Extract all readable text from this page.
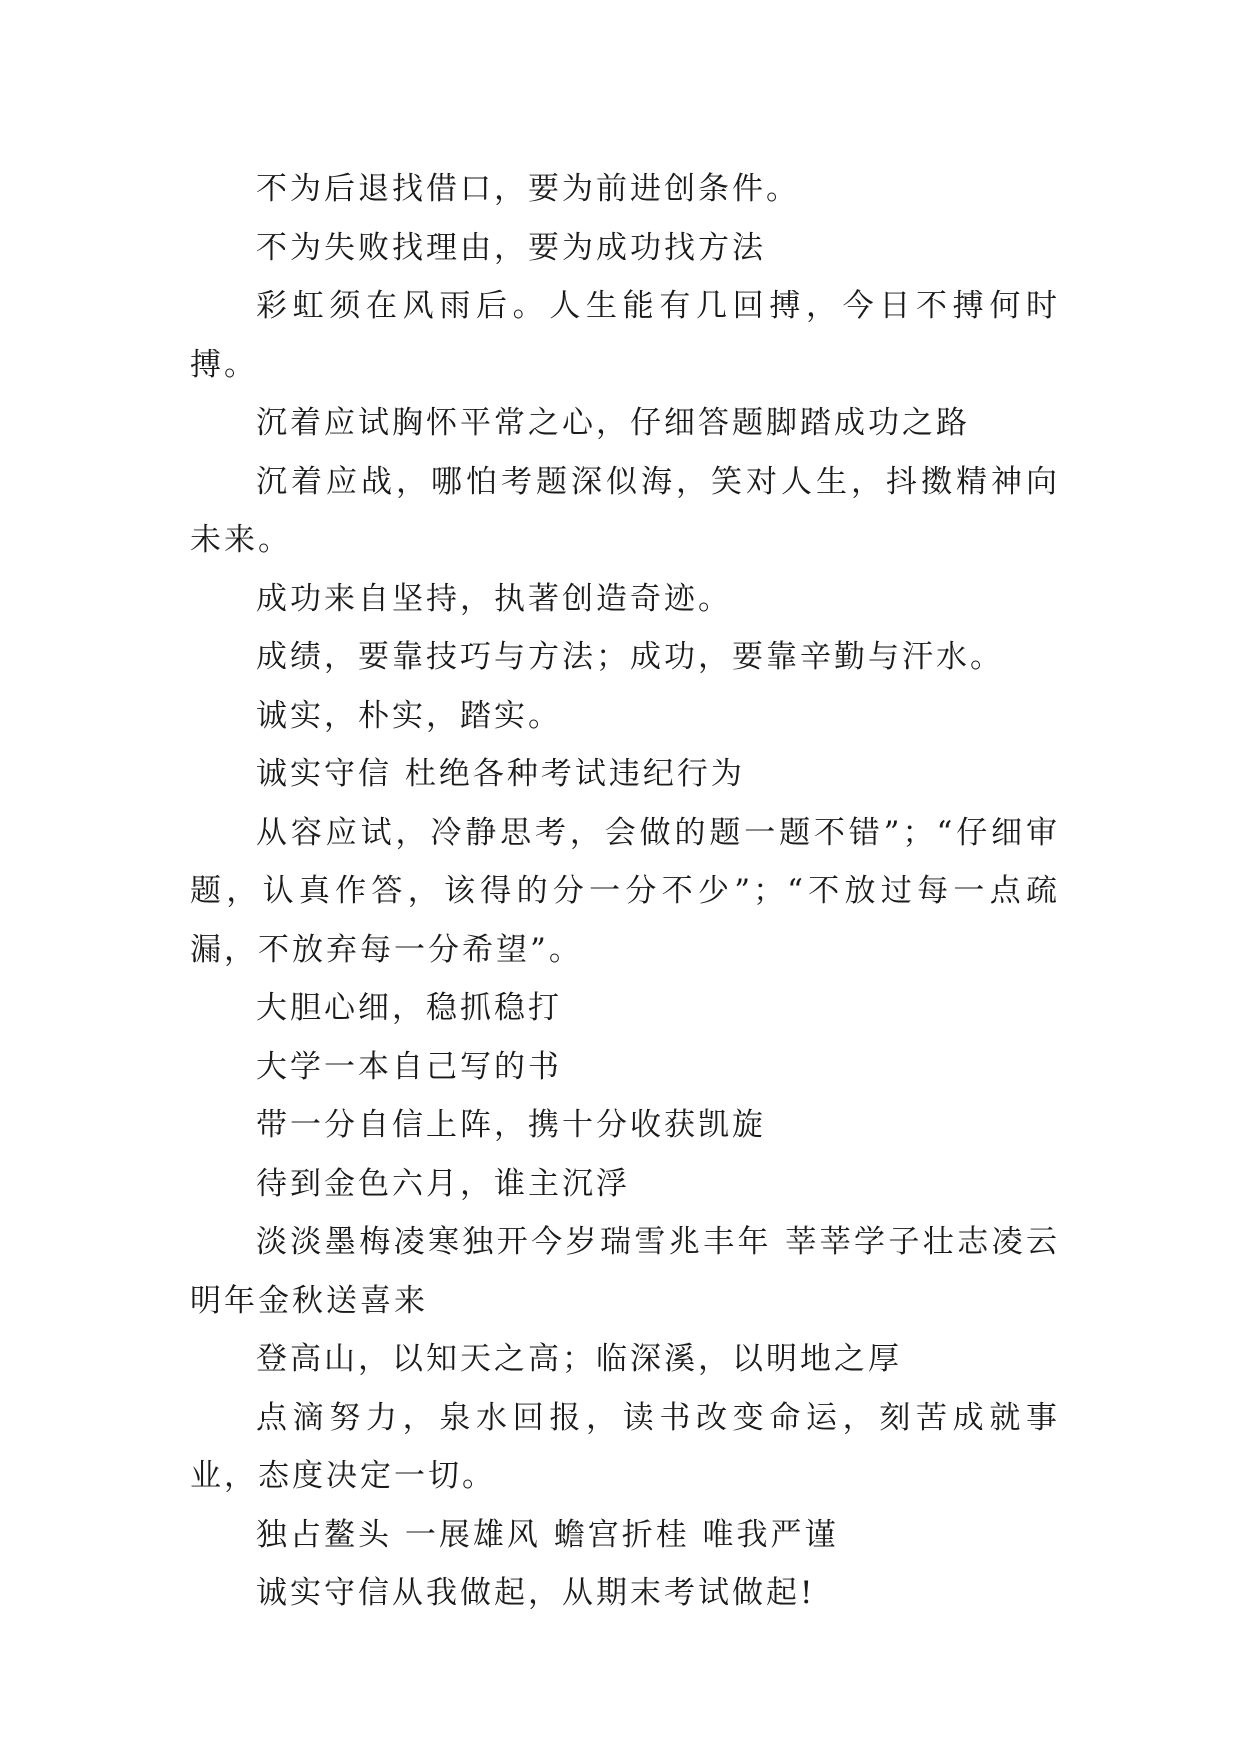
不为后退找借口，要为前进创条件。

不为失败找理由，要为成功找方法

彩虹须在风雨后。人生能有几回搏，今日不搏何时搏。

沉着应试胸怀平常之心，仔细答题脚踏成功之路

沉着应战，哪怕考题深似海，笑对人生，抖擞精神向未来。

成功来自坚持，执著创造奇迹。

成绩，要靠技巧与方法；成功，要靠辛勤与汗水。

诚实，朴实，踏实。

诚实守信 杜绝各种考试违纪行为

从容应试，冷静思考，会做的题一题不错”；“仔细审题，认真作答，该得的分一分不少”；“不放过每一点疏漏，不放弃每一分希望”。

大胆心细，稳抓稳打

大学一本自己写的书

带一分自信上阵，携十分收获凯旋

待到金色六月，谁主沉浮

淡淡墨梅凌寒独开今岁瑞雪兆丰年 莘莘学子壮志凌云明年金秋送喜来

登高山，以知天之高；临深溪，以明地之厚

点滴努力，泉水回报，读书改变命运，刻苦成就事业，态度决定一切。

独占鳌头 一展雄风 蟾宫折桂 唯我严谨

诚实守信从我做起，从期末考试做起!
